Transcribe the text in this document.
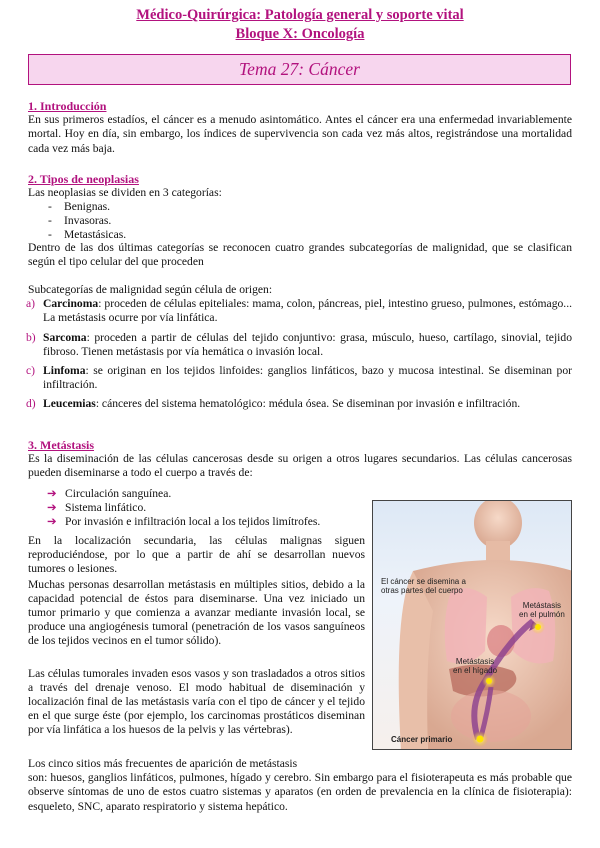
Médico-Quirúrgica: Patología general y soporte vital
Bloque X: Oncología
Tema 27: Cáncer
1. Introducción

En sus primeros estadíos, el cáncer es a menudo asintomático. Antes el cáncer era una enfermedad invariablemente mortal. Hoy en día, sin embargo, los índices de supervivencia son cada vez más altos, registrándose una mortalidad cada vez más baja.

2. Tipos de neoplasias
Las neoplasias se dividen en 3 categorías:
- Benignas.
- Invasoras.
- Metastásicas.

Dentro de las dos últimas categorías se reconocen cuatro grandes subcategorías de malignidad, que se clasifican según el tipo celular del que proceden

Subcategorías de malignidad según célula de origen:
a) Carcinoma: proceden de células epiteliales: mama, colon, páncreas, piel, intestino grueso, pulmones, estómago... La metástasis ocurre por vía linfática.

b) Sarcoma: proceden a partir de células del tejido conjuntivo: grasa, músculo, hueso, cartílago, sinovial, tejido fibroso. Tienen metástasis por vía hemática o invasión local.

c) Linfoma: se originan en los tejidos linfoides: ganglios linfáticos, bazo y mucosa intestinal. Se diseminan por infiltración.

d) Leucemias: cánceres del sistema hematológico: médula ósea. Se diseminan por invasión e infiltración.

3. Metástasis

Es la diseminación de las células cancerosas desde su origen a otros lugares secundarios. Las células cancerosas pueden diseminarse a todo el cuerpo a través de:

➔ Circulación sanguínea.
➔ Sistema linfático.
➔ Por invasión e infiltración local a los tejidos limítrofes.

En la localización secundaria, las células malignas siguen reproduciéndose, por lo que a partir de ahí se desarrollan nuevos tumores o lesiones.

Muchas personas desarrollan metástasis en múltiples sitios, debido a la capacidad potencial de éstos para diseminarse. Una vez iniciado un tumor primario y que comienza a avanzar mediante invasión local, se produce una angiogénesis tumoral (penetración de los vasos sanguíneos de los tejidos vecinos en el tumor sólido).

Las células tumorales invaden esos vasos y son trasladados a otros sitios a través del drenaje venoso. El modo habitual de diseminación y localización final de las metástasis varía con el tipo de cáncer y el tejido en el que surge éste (por ejemplo, los carcinomas prostáticos diseminan por vía linfática a los huesos de la pelvis y las vértebras).

Los cinco sitios más frecuentes de aparición de metástasis

son: huesos, ganglios linfáticos, pulmones, hígado y cerebro. Sin embargo para el fisioterapeuta es más probable que observe síntomas de uno de estos cuatro sistemas y aparatos (en orden de prevalencia en la clínica de fisioterapia): esqueleto, SNC, aparato respiratorio y sistema hepático.

El cáncer se disemina a
otras partes del cuerpo
Metástasis
en el pulmón
Metástasis
en el hígado
Cáncer primario
